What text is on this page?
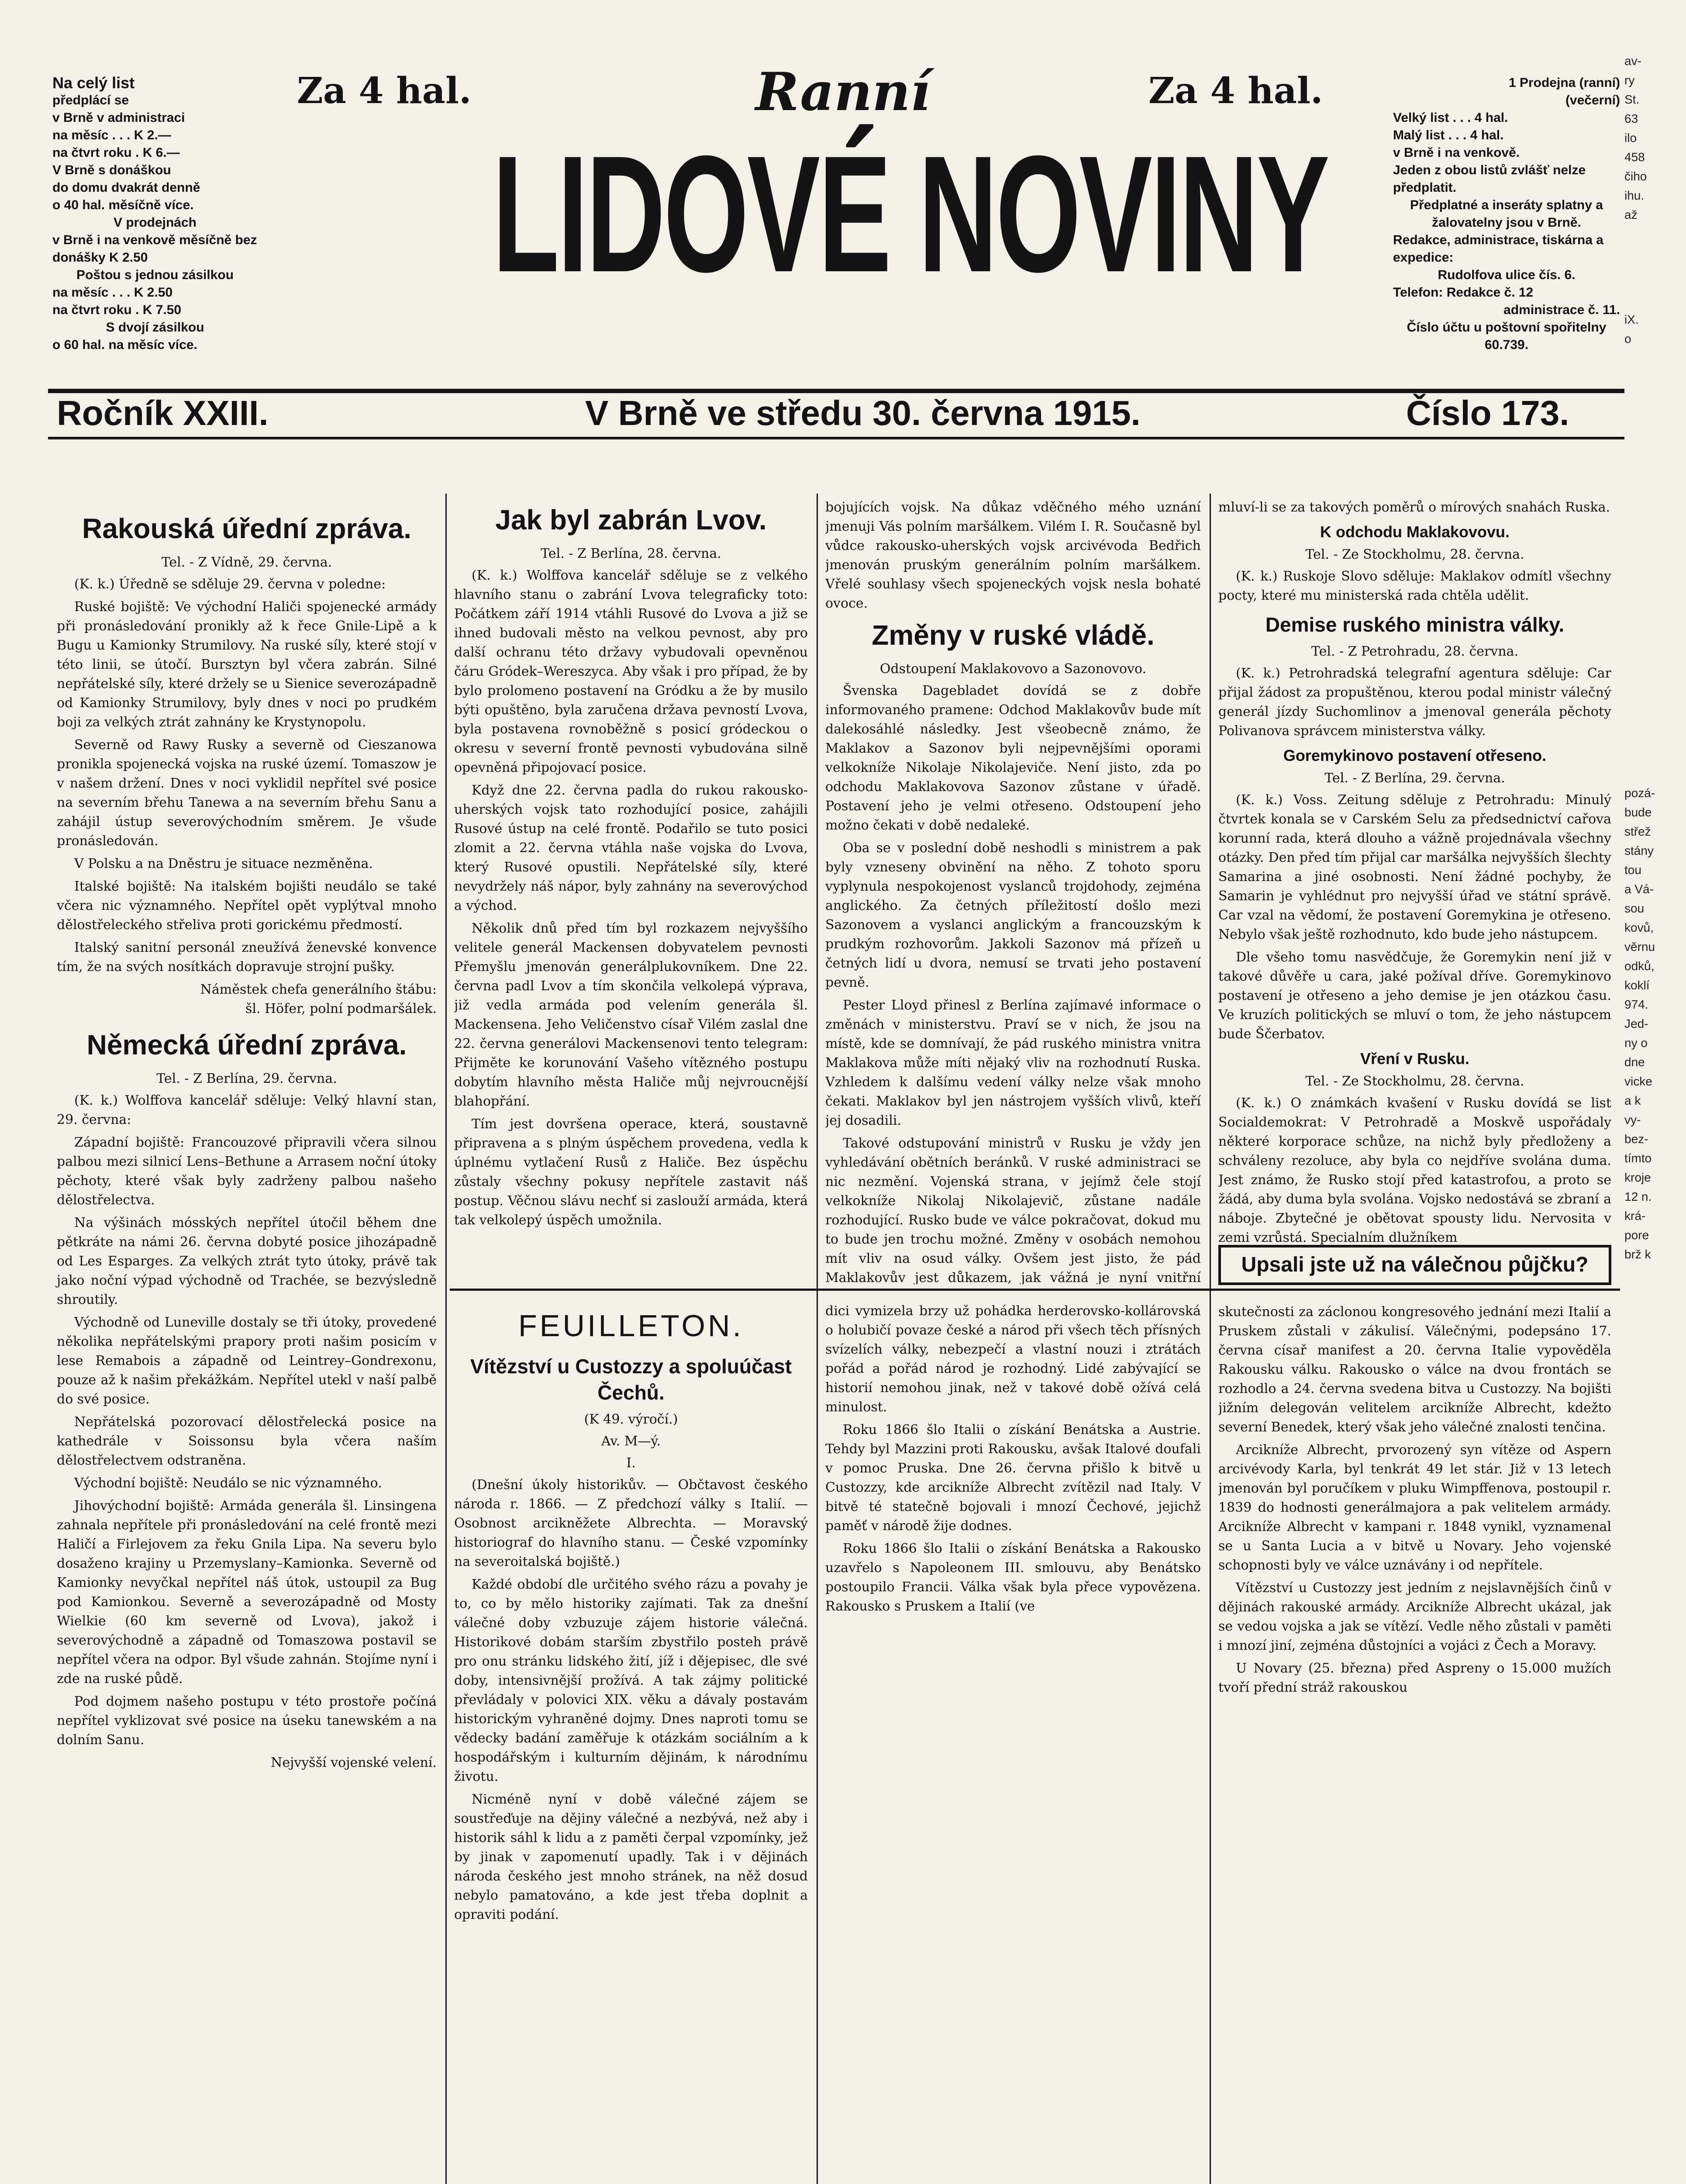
Na celý list

předplácí se

v Brně v administraci

na měsíc . . . K 2.—

na čtvrt roku . K 6.—

V Brně s donáškou

do domu dvakrát denně

o 40 hal. měsíčně více.

V prodejnách

v Brně i na venkově měsíčně bez donášky K 2.50

Poštou s jednou zásilkou

na měsíc . . . K 2.50

na čtvrt roku . K 7.50

S dvojí zásilkou

o 60 hal. na měsíc více.

Za 4 hal.	Ranní
LIDOVÉ NOVINY
Za 4 hal.	1 Prodejna (ranní)

(večerní)

Velký list . . . 4 hal.

Malý list . . . 4 hal.

v Brně i na venkově.

Jeden z obou listů zvlášť nelze předplatit.

Předplatné a inseráty splatny a žalovatelny jsou v Brně.

Redakce, administrace, tiskárna a expedice:

Rudolfova ulice čís. 6.

Telefon: Redakce č. 12

administrace č. 11.

Číslo účtu u poštovní spořitelny 60.739.

Ročník XXIII.	V Brně ve středu 30. června 1915.	Číslo 173.
Rakouská úřední zpráva.
Tel. - Z Vídně, 29. června.

(K. k.) Úředně se sděluje 29. června v poledne:

Ruské bojiště: Ve východní Haliči spojenecké armády při pronásledování pronikly až k řece Gnile-Lipě a k Bugu u Kamionky Strumilovy. Na ruské síly, které stojí v této linii, se útočí. Bursztyn byl včera zabrán. Silné nepřátelské síly, které držely se u Sienice severozápadně od Kamionky Strumilovy, byly dnes v noci po prudkém boji za velkých ztrát zahnány ke Krystynopolu.

Severně od Rawy Rusky a severně od Cieszanowa pronikla spojenecká vojska na ruské území. Tomaszow je v našem držení. Dnes v noci vyklidil nepřítel své posice na severním břehu Tanewa a na severním břehu Sanu a zahájil ústup severovýchodním směrem. Je všude pronásledován.

V Polsku a na Dněstru je situace nezměněna.

Italské bojiště: Na italském bojišti neudálo se také včera nic významného. Nepřítel opět vyplýtval mnoho dělostřeleckého střeliva proti gorickému předmostí.

Italský sanitní personál zneužívá ženevské konvence tím, že na svých nosítkách dopravuje strojní pušky.

Náměstek chefa generálního štábu:
šl. Höfer, polní podmaršálek.
Německá úřední zpráva.
Tel. - Z Berlína, 29. června.

(K. k.) Wolffova kancelář sděluje: Velký hlavní stan, 29. června:

Západní bojiště: Francouzové připravili včera silnou palbou mezi silnicí Lens–Bethune a Arrasem noční útoky pěchoty, které však byly zadrženy palbou našeho dělostřelectva.

Na výšinách mósských nepřítel útočil během dne pětkráte na námi 26. června dobyté posice jihozápadně od Les Esparges. Za velkých ztrát tyto útoky, právě tak jako noční výpad východně od Trachée, se bezvýsledně shroutily.

Východně od Luneville dostaly se tři útoky, provedené několika nepřátelskými prapory proti našim posicím v lese Remabois a západně od Leintrey–Gondrexonu, pouze až k našim překážkám. Nepřítel utekl v naší palbě do své posice.

Nepřátelská pozorovací dělostřelecká posice na kathedrále v Soissonsu byla včera naším dělostřelectvem odstraněna.

Východní bojiště: Neudálo se nic významného.

Jihovýchodní bojiště: Armáda generála šl. Linsingena zahnala nepřítele při pronásledování na celé frontě mezi Haličí a Firlejovem za řeku Gnila Lipa. Na severu bylo dosaženo krajiny u Przemyslany–Kamionka. Severně od Kamionky nevyčkal nepřítel náš útok, ustoupil za Bug pod Kamionkou. Severně a severozápadně od Mosty Wielkie (60 km severně od Lvova), jakož i severovýchodně a západně od Tomaszowa postavil se nepřítel včera na odpor. Byl všude zahnán. Stojíme nyní i zde na ruské půdě.

Pod dojmem našeho postupu v této prostoře počíná nepřítel vyklizovat své posice na úseku tanewském a na dolním Sanu.

Nejvyšší vojenské velení.
Jak byl zabrán Lvov.
Tel. - Z Berlína, 28. června.

(K. k.) Wolffova kancelář sděluje se z velkého hlavního stanu o zabrání Lvova telegraficky toto: Počátkem září 1914 vtáhli Rusové do Lvova a již se ihned budovali město na velkou pevnost, aby pro další ochranu této državy vybudovali opevněnou čáru Gródek–Wereszyca. Aby však i pro případ, že by bylo prolomeno postavení na Gródku a že by musilo býti opuštěno, byla zaručena država pevností Lvova, byla postavena rovnoběžně s posicí gródeckou o okresu v severní frontě pevnosti vybudována silně opevněná připojovací posice.

Když dne 22. června padla do rukou rakousko-uherských vojsk tato rozhodující posice, zahájili Rusové ústup na celé frontě. Podařilo se tuto posici zlomit a 22. června vtáhla naše vojska do Lvova, který Rusové opustili. Nepřátelské síly, které nevydržely náš nápor, byly zahnány na severovýchod a východ.

Několik dnů před tím byl rozkazem nejvyššího velitele generál Mackensen dobyvatelem pevnosti Přemyšlu jmenován generálplukovníkem. Dne 22. června padl Lvov a tím skončila velkolepá výprava, již vedla armáda pod velením generála šl. Mackensena. Jeho Veličenstvo císař Vilém zaslal dne 22. června generálovi Mackensenovi tento telegram: Přijměte ke korunování Vašeho vítězného postupu dobytím hlavního města Haliče můj nejvroucnější blahopřání.

Tím jest dovršena operace, která, soustavně připravena a s plným úspěchem provedena, vedla k úplnému vytlačení Rusů z Haliče. Bez úspěchu zůstaly všechny pokusy nepřítele zastavit náš postup. Věčnou slávu nechť si zaslouží armáda, která tak velkolepý úspěch umožnila.

FEUILLETON.
Vítězství u Custozzy a spoluúčast Čechů.
(K 49. výročí.)
Av. M—ý.
I.

(Dnešní úkoly historikův. — Občtavost českého národa r. 1866. — Z předchozí války s Italií. — Osobnost arcikněžete Albrechta. — Moravský historiograf do hlavního stanu. — České vzpomínky na severoitalská bojiště.)

Každé období dle určitého svého rázu a povahy je to, co by mělo historiky zajímati. Tak za dnešní válečné doby vzbuzuje zájem historie válečná. Historikové dobám starším zbystřilo posteh právě pro onu stránku lidského žití, jíž i dějepisec, dle své doby, intensivnější prožívá. A tak zájmy politické převládaly v polovici XIX. věku a dávaly postavám historickým vyhraněné dojmy. Dnes naproti tomu se vědecky badání zaměřuje k otázkám sociálním a k hospodářským i kulturním dějinám, k národnímu životu.

Nicméně nyní v době válečné zájem se soustřeďuje na dějiny válečné a nezbývá, než aby i historik sáhl k lidu a z paměti čerpal vzpomínky, jež by jinak v zapomenutí upadly. Tak i v dějinách národa českého jest mnoho stránek, na něž dosud nebylo pamatováno, a kde jest třeba doplnit a opraviti podání.

bojujících vojsk. Na důkaz vděčného mého uznání jmenuji Vás polním maršálkem. Vilém I. R. Současně byl vůdce rakousko-uherských vojsk arcivévoda Bedřich jmenován pruským generálním polním maršálkem. Vřelé souhlasy všech spojeneckých vojsk nesla bohaté ovoce.

Změny v ruské vládě.
Odstoupení Maklakovovo a Sazonovovo.

Švenska Dagebladet dovídá se z dobře informovaného pramene: Odchod Maklakovův bude mít dalekosáhlé následky. Jest všeobecně známo, že Maklakov a Sazonov byli nejpevnějšími oporami velkokníže Nikolaje Nikolajeviče. Není jisto, zda po odchodu Maklakovova Sazonov zůstane v úřadě. Postavení jeho je velmi otřeseno. Odstoupení jeho možno čekati v době nedaleké.

Oba se v poslední době neshodli s ministrem a pak byly vzneseny obvinění na něho. Z tohoto sporu vyplynula nespokojenost vyslanců trojdohody, zejména anglického. Za četných příležitostí došlo mezi Sazonovem a vyslanci anglickým a francouzským k prudkým rozhovorům. Jakkoli Sazonov má přízeň u četných lidí u dvora, nemusí se trvati jeho postavení pevně.

Pester Lloyd přinesl z Berlína zajímavé informace o změnách v ministerstvu. Praví se v nich, že jsou na místě, kde se domnívají, že pád ruského ministra vnitra Maklakova může míti nějaký vliv na rozhodnutí Ruska. Vzhledem k dalšímu vedení války nelze však mnoho čekati. Maklakov byl jen nástrojem vyšších vlivů, kteří jej dosadili.

Takové odstupování ministrů v Rusku je vždy jen vyhledávání obětních beránků. V ruské administraci se nic nezmění. Vojenská strana, v jejímž čele stojí velkokníže Nikolaj Nikolajevič, zůstane nadále rozhodující. Rusko bude ve válce pokračovat, dokud mu to bude jen trochu možné. Změny v osobách nemohou mít vliv na osud války. Ovšem jest jisto, že pád Maklakovův jest důkazem, jak vážná je nyní vnitřní

dici vymizela brzy už pohádka herderovsko-kollárovská o holubičí povaze české a národ při všech těch přísných svízelích války, nebezpečí a vlastní nouzi i ztrátách pořád a pořád národ je rozhodný. Lidé zabývající se historií nemohou jinak, než v takové době ožívá celá minulost.

Roku 1866 šlo Italii o získání Benátska a Austrie. Tehdy byl Mazzini proti Rakousku, avšak Italové doufali v pomoc Pruska. Dne 26. června přišlo k bitvě u Custozzy, kde arcikníže Albrecht zvítězil nad Italy. V bitvě té statečně bojovali i mnozí Čechové, jejichž paměť v národě žije dodnes.

Roku 1866 šlo Italii o získání Benátska a Rakousko uzavřelo s Napoleonem III. smlouvu, aby Benátsko postoupilo Francii. Válka však byla přece vypovězena. Rakousko s Pruskem a Italií (ve

mluví-li se za takových poměrů o mírových snahách Ruska.

K odchodu Maklakovovu.
Tel. - Ze Stockholmu, 28. června.

(K. k.) Ruskoje Slovo sděluje: Maklakov odmítl všechny pocty, které mu ministerská rada chtěla udělit.

Demise ruského ministra války.
Tel. - Z Petrohradu, 28. června.

(K. k.) Petrohradská telegrafní agentura sděluje: Car přijal žádost za propuštěnou, kterou podal ministr válečný generál jízdy Suchomlinov a jmenoval generála pěchoty Polivanova správcem ministerstva války.

Goremykinovo postavení otřeseno.
Tel. - Z Berlína, 29. června.

(K. k.) Voss. Zeitung sděluje z Petrohradu: Minulý čtvrtek konala se v Carském Selu za předsednictví cařova korunní rada, která dlouho a vážně projednávala všechny otázky. Den před tím přijal car maršálka nejvyšších šlechty Samarina a jiné osobnosti. Není žádné pochyby, že Samarin je vyhlédnut pro nejvyšší úřad ve státní správě. Car vzal na vědomí, že postavení Goremykina je otřeseno. Nebylo však ještě rozhodnuto, kdo bude jeho nástupcem.

Dle všeho tomu nasvědčuje, že Goremykin není již v takové důvěře u cara, jaké požíval dříve. Goremykinovo postavení je otřeseno a jeho demise je jen otázkou času. Ve kruzích politických se mluví o tom, že jeho nástupcem bude Ščerbatov.

Vření v Rusku.
Tel. - Ze Stockholmu, 28. června.

(K. k.) O známkách kvašení v Rusku dovídá se list Socialdemokrat: V Petrohradě a Moskvě uspořádaly některé korporace schůze, na nichž byly předloženy a schváleny rezoluce, aby byla co nejdříve svolána duma. Jest známo, že Rusko stojí před katastrofou, a proto se žádá, aby duma byla svolána. Vojsko nedostává se zbraní a náboje. Zbytečné je obětovat spousty lidu. Nervosita v zemi vzrůstá. Specialním dlužníkem

Upsali jste už na válečnou půjčku?

skutečnosti za záclonou kongresového jednání mezi Italií a Pruskem zůstali v zákulisí. Válečnými, podepsáno 17. června císař manifest a 20. června Italie vypověděla Rakousku válku. Rakousko o válce na dvou frontách se rozhodlo a 24. června svedena bitva u Custozzy. Na bojišti jižním delegován velitelem arcikníže Albrecht, kdežto severní Benedek, který však jeho válečné znalosti tenčina.

Arcikníže Albrecht, prvorozený syn vítěze od Aspern arcivévody Karla, byl tenkrát 49 let stár. Již v 13 letech jmenován byl poručíkem v pluku Wimpffenova, postoupil r. 1839 do hodnosti generálmajora a pak velitelem armády. Arcikníže Albrecht v kampani r. 1848 vynikl, vyznamenal se u Santa Lucia a v bitvě u Novary. Jeho vojenské schopnosti byly ve válce uznávány i od nepřítele.

Vítězství u Custozzy jest jedním z nejslavnějších činů v dějinách rakouské armády. Arcikníže Albrecht ukázal, jak se vedou vojska a jak se vítězí. Vedle něho zůstali v paměti i mnozí jiní, zejména důstojníci a vojáci z Čech a Moravy.

U Novary (25. března) před Aspreny o 15.000 mužích tvoří přední stráž rakouskou

av-

ry

St.

63

ilo

458

čiho

ihu.

až

iX.

o

pozá-

bude

střež

stány

tou

a Vá-

sou

kovů,

věrnu

odků,

koklí

974.

Jed-

ny o

dne

vicke

a k

vy-

bez-

tímto

kroje

12 n.

krá-

pore

brž k
